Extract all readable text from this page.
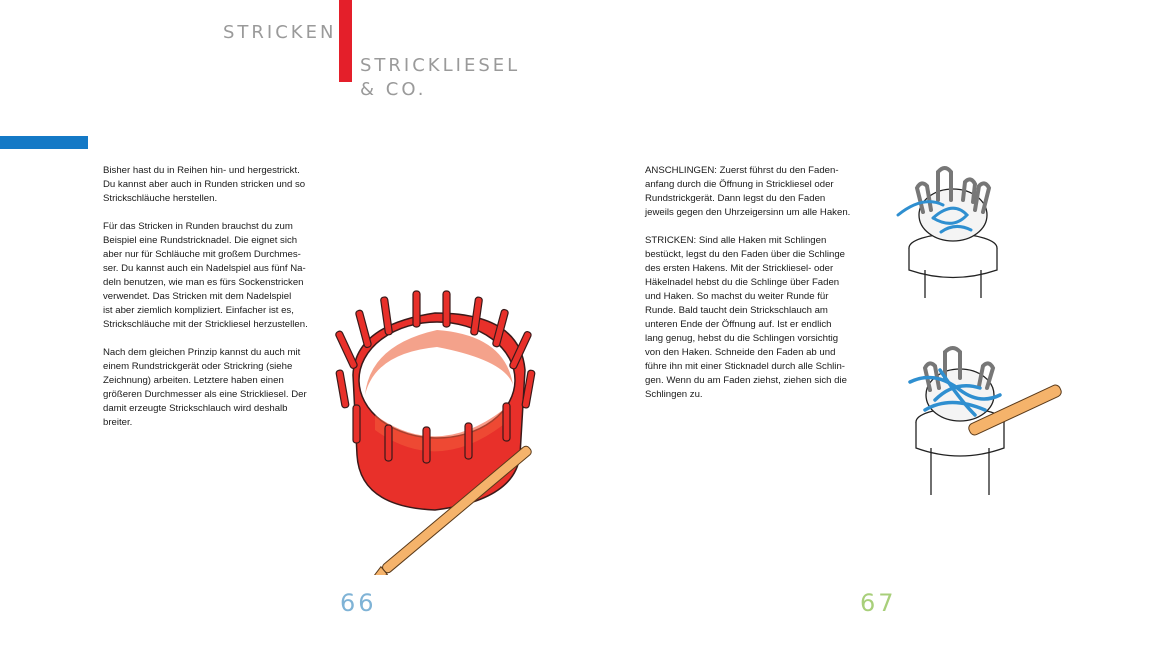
STRICKEN
STRICKLIESEL
& CO.

Bisher hast du in Reihen hin- und hergestrickt.
Du kannst aber auch in Runden stricken und so
Strickschläuche herstellen.

Für das Stricken in Runden brauchst du zum
Beispiel eine Rundstricknadel. Die eignet sich
aber nur für Schläuche mit großem Durchmes-
ser. Du kannst auch ein Nadelspiel aus fünf Na-
deln benutzen, wie man es fürs Sockenstricken
verwendet. Das Stricken mit dem Nadelspiel
ist aber ziemlich kompliziert. Einfacher ist es,
Strickschläuche mit der Strickliesel herzustellen.

Nach dem gleichen Prinzip kannst du auch mit
einem Rundstrickgerät oder Strickring (siehe
Zeichnung) arbeiten. Letztere haben einen
größeren Durchmesser als eine Strickliesel. Der
damit erzeugte Strickschlauch wird deshalb
breiter.

ANSCHLINGEN: Zuerst führst du den Faden-
anfang durch die Öffnung in Strickliesel oder
Rundstrickgerät. Dann legst du den Faden
jeweils gegen den Uhrzeigersinn um alle Haken.

STRICKEN: Sind alle Haken mit Schlingen
bestückt, legst du den Faden über die Schlinge
des ersten Hakens. Mit der Strickliesel- oder
Häkelnadel hebst du die Schlinge über Faden
und Haken. So machst du weiter Runde für
Runde. Bald taucht dein Strickschlauch am
unteren Ende der Öffnung auf. Ist er endlich
lang genug, hebst du die Schlingen vorsichtig
von den Haken. Schneide den Faden ab und
führe ihn mit einer Sticknadel durch alle Schlin-
gen. Wenn du am Faden ziehst, ziehen sich die
Schlingen zu.

66	67
